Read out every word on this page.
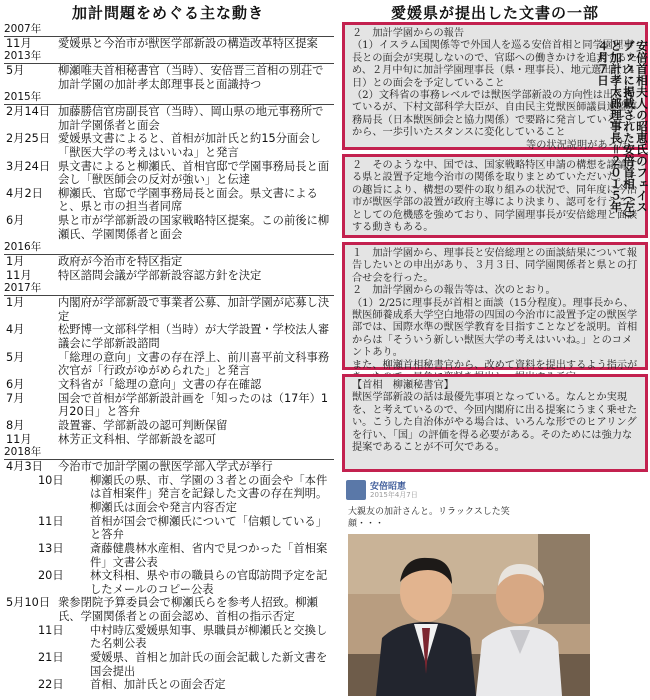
加計問題をめぐる主な動き
2007年
11月	愛媛県と今治市が獣医学部新設の構造改革特区提案
2013年
5月	柳瀬唯夫首相秘書官（当時）、安倍晋三首相の別荘で加計学園の加計孝太郎理事長と面識持つ
2015年
2月14日 加藤勝信官房副長官（当時）、岡山県の地元事務所で加計学園係者と面会
2月25日 愛媛県文書によると、首相が加計氏と約15分面会し「獣医大学の考えはいいね」と発言
3月24日 県文書によると柳瀬氏、首相官邸で学園事務局長と面会し「獣医師会の反対が強い」と伝達
4月2日	柳瀬氏、官邸で学園事務局長と面会。県文書によると、県と市の担当者同席
6月	県と市が学部新設の国家戦略特区提案。この前後に柳瀬氏、学園関係者と面会
2016年
1月	政府が今治市を特区指定
11月	特区諮問会議が学部新設容認方針を決定
2017年
1月	内閣府が学部新設で事業者公募、加計学園が応募し決定
4月	松野博一文部科学相（当時）が大学設置・学校法人審議会に学部新設諮問
5月	「総理の意向」文書の存在浮上、前川喜平前文科事務次官が「行政がゆがめられた」と発言
6月	文科省が「総理の意向」文書の存在確認
7月	国会で首相が学部新設計画を「知ったのは（17年）1月20日」と答弁
8月	設置審、学部新設の認可判断保留
11月	林芳正文科相、学部新設を認可
2018年
4月3日	今治市で加計学園の獣医学部入学式が挙行
10日	柳瀬氏の県、市、学園の３者との面会や「本件は首相案件」発言を記録した文書の存在判明。柳瀬氏は面会や発言内容否定
11日	首相が国会で柳瀬氏について「信頼している」と答弁
13日	斎藤健農林水産相、省内で見つかった「首相案件」文書公表
20日	林文科相、県や市の職員らの官邸訪問予定を記したメールのコピー公表
5月10日 衆参閉院予算委員会で柳瀬氏らを参考人招致。柳瀬氏、学園関係者との面会認め、首相の指示否定
11日	中村時広愛媛県知事、県職員が柳瀬氏と交換した名刺公表
21日	愛媛県、首相と加計氏の面会記載した新文書を国会提出
22日	首相、加計氏との面会否定
愛媛県が提出した文書の一部

２　加計学園からの報告

（1）イスラム国関係等で外国人を巡る安倍首相と同学園理事長との面会が実現しないので、官邸への働きかけを追求するため、２月中旬に加計学園理事長（県・理事長）、地元選出（14日）との面会を予定していること

（2）文科省の事務レベルでは獣医学部新設の方向性は出されているが、下村文部科学大臣が、自由民主党獣医師議員連盟事務局長（日本獣医師会と協力関係）で要路に発言していることから、一歩引いたスタンスに変化していること

等の状況説明があった。

２　そのような中、国では、国家戦略特区申請の構想を議論する県と設置予定地今治市の関係を取りまとめていただいた。その趣旨により、構想の要件の取り組みの状況で、同年度に今治市が獣医学部の設置が政府主導により決まり、認可を行うこととしての危機感を強めており、同学園理事長が安倍総理と面談する動きもある。

１　加計学園から、理事長と安倍総理との面談結果について報告したいとの申出があり、３月３日、同学園関係者と県との打合せ会を行った。

２　加計学園からの報告等は、次のとおり。

（1）2/25に理事長が首相と面談（15分程度）。理事長から、獣医師養成系大学空白地帯の四国の今治市に設置予定の獣医学部では、国際水準の獣医学教育を目指すことなどを説明。首相からは「そういう新しい獣医大学の考えはいいね。」とのコメントあり。

また、柳瀬首相秘書官から、改めて資料を提出するよう指示が

【首相　柳瀬秘書官】

獣医学部新設の話は最優先事項となっている。なんとか実現を、と考えているので、今回内閣府に出る提案にうまく乗せたい。こうした自治体がやる場合は、いろんな形でのヒアリングを行い、「国」の評価を得る必要がある。そのためには強力な提案であることが不可欠である。

安倍昭恵
2015年4月7日
大親友の加計さんと。リラックスした笑顔・・・
安倍首相夫人の昭恵氏のフェイスブックに掲載された安倍首相（左）と加計孝太郎理事長＝２０１５年４月７日
